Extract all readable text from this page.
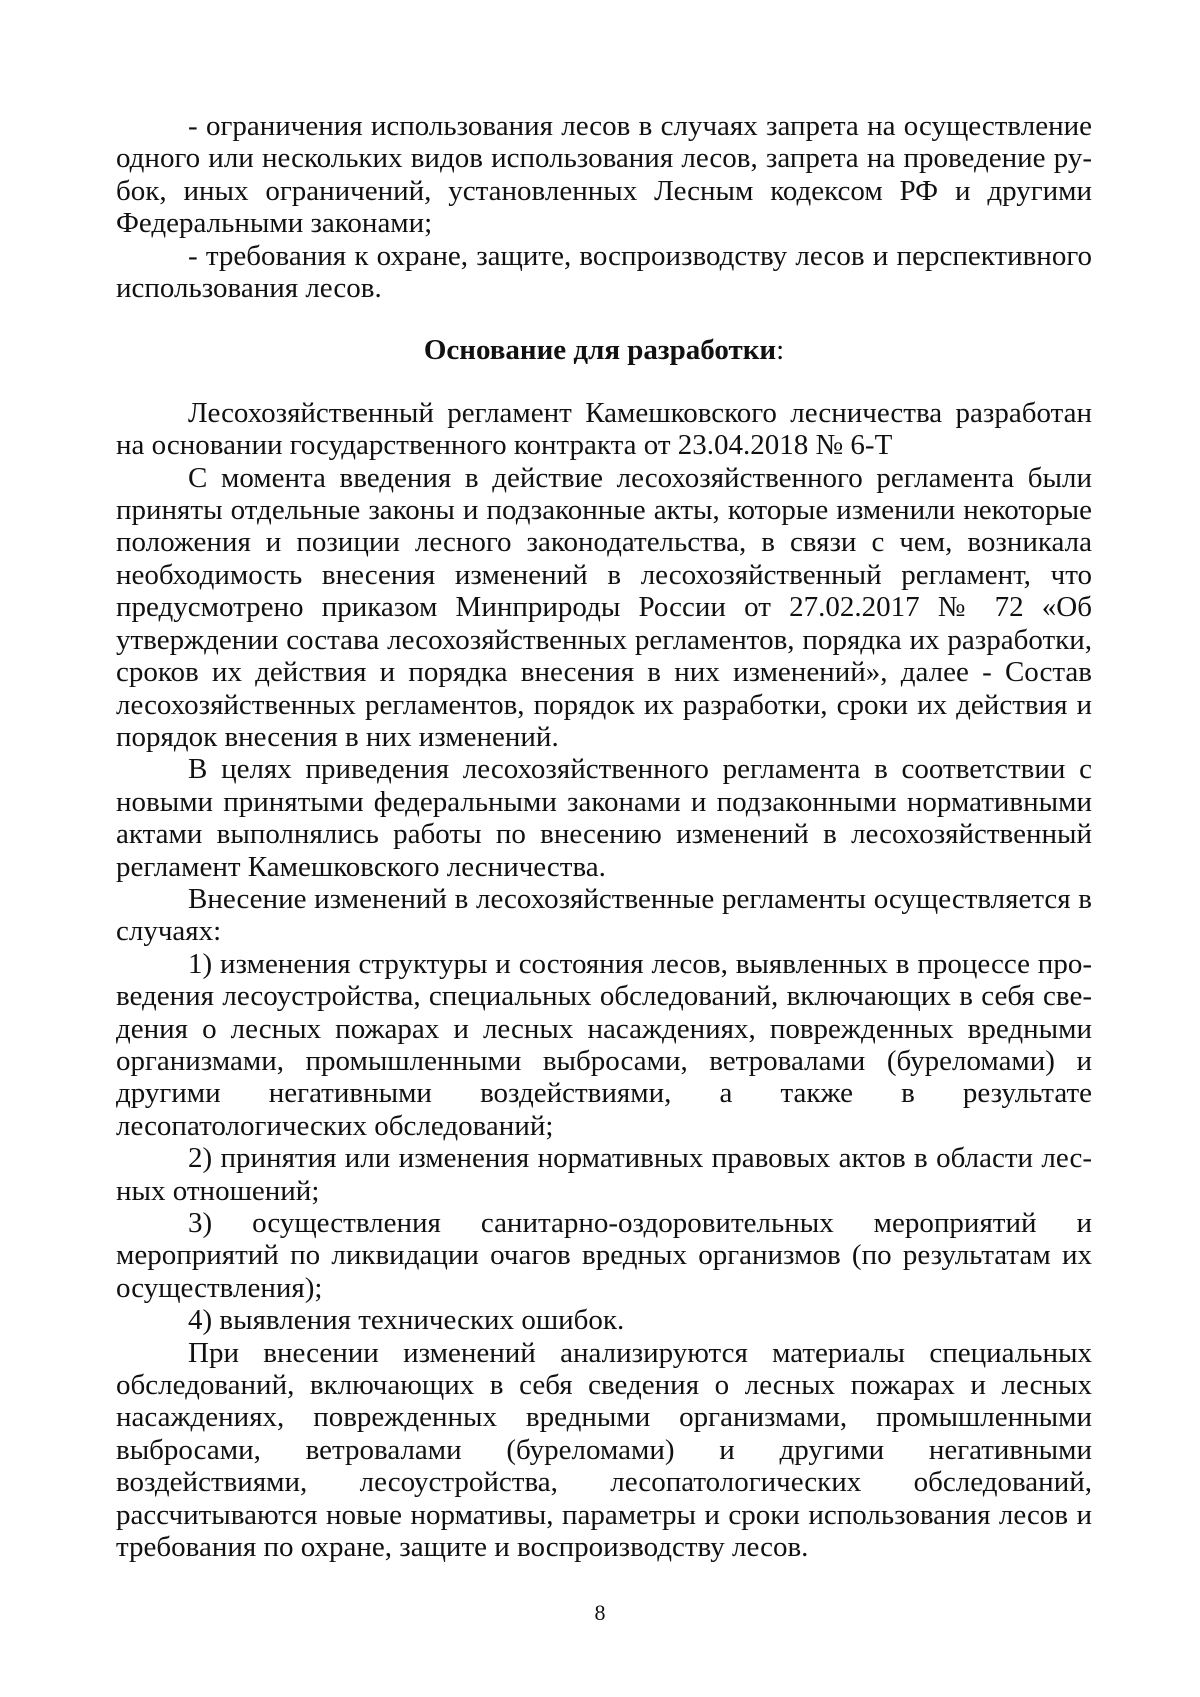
- ограничения использования лесов в случаях запрета на осуществление одного или нескольких видов использования лесов, запрета на проведение рубок, иных ограничений, установленных Лесным кодексом РФ и другими Федеральными законами;

- требования к охране, защите, воспроизводству лесов и перспективного использования лесов.

Основание для разработки:

Лесохозяйственный регламент Камешковского лесничества разработан на основании государственного контракта от 23.04.2018 № 6-Т

С момента введения в действие лесохозяйственного регламента были приняты отдельные законы и подзаконные акты, которые изменили некоторые положения и позиции лесного законодательства, в связи с чем, возникала необходимость внесения изменений в лесохозяйственный регламент, что предусмотрено приказом Минприроды России от 27.02.2017 № 72 «Об утверждении состава лесохозяйственных регламентов, порядка их разработки, сроков их действия и порядка внесения в них изменений», далее - Состав лесохозяйственных регламентов, порядок их разработки, сроки их действия и порядок внесения в них изменений.

В целях приведения лесохозяйственного регламента в соответствии с новыми принятыми федеральными законами и подзаконными нормативными актами выполнялись работы по внесению изменений в лесохозяйственный регламент Камешковского лесничества.

Внесение изменений в лесохозяйственные регламенты осуществляется в случаях:

1) изменения структуры и состояния лесов, выявленных в процессе проведения лесоустройства, специальных обследований, включающих в себя сведения о лесных пожарах и лесных насаждениях, поврежденных вредными организмами, промышленными выбросами, ветровалами (буреломами) и другими негативными воздействиями, а также в результате лесопатологических обследований;

2) принятия или изменения нормативных правовых актов в области лесных отношений;

3) осуществления санитарно-оздоровительных мероприятий и мероприятий по ликвидации очагов вредных организмов (по результатам их осуществления);

4) выявления технических ошибок.

При внесении изменений анализируются материалы специальных обследований, включающих в себя сведения о лесных пожарах и лесных насаждениях, поврежденных вредными организмами, промышленными выбросами, ветровалами (буреломами) и другими негативными воздействиями, лесоустройства, лесопатологических обследований, рассчитываются новые нормативы, параметры и сроки использования лесов и требования по охране, защите и воспроизводству лесов.

8
